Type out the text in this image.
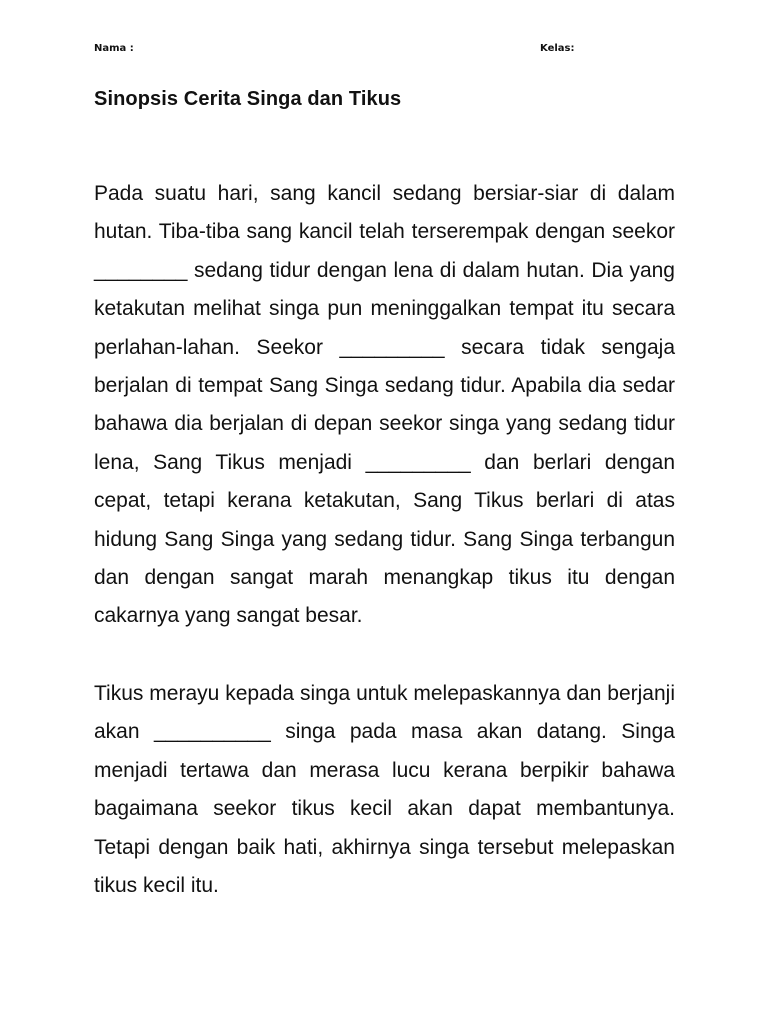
Nama :	Kelas:
Sinopsis Cerita Singa dan Tikus

Pada suatu hari, sang kancil sedang bersiar-siar di dalam hutan. Tiba-tiba sang kancil telah terserempak dengan seekor ________ sedang tidur dengan lena di dalam hutan. Dia yang ketakutan melihat singa pun meninggalkan tempat itu secara perlahan-lahan. Seekor _________ secara tidak sengaja berjalan di tempat Sang Singa sedang tidur. Apabila dia sedar bahawa dia berjalan di depan seekor singa yang sedang tidur lena, Sang Tikus menjadi _________ dan berlari dengan cepat, tetapi kerana ketakutan, Sang Tikus berlari di atas hidung Sang Singa yang sedang tidur. Sang Singa terbangun dan dengan sangat marah menangkap tikus itu dengan cakarnya yang sangat besar.

Tikus merayu kepada singa untuk melepaskannya dan berjanji akan __________ singa pada masa akan datang. Singa menjadi tertawa dan merasa lucu kerana berpikir bahawa bagaimana seekor tikus kecil akan dapat membantunya. Tetapi dengan baik hati, akhirnya singa tersebut melepaskan tikus kecil itu.
